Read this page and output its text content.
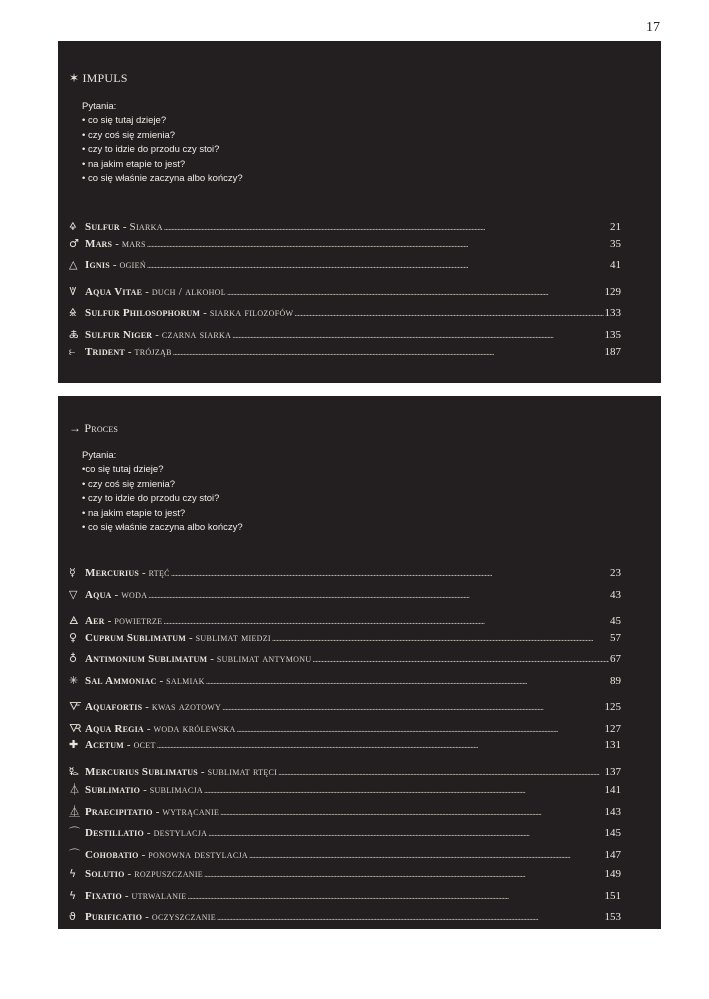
17
✶ IMPULS
Pytania:
• co się tutaj dzieje?
• czy coś się zmienia?
• czy to idzie do przodu czy stoi?
• na jakim etapie to jest?
• co się właśnie zaczyna albo kończy?
🜍 Sulfur - Siarka . . .	21
♂ Mars - mars . . .	35
△ Ignis - ogień . . .	41
🜈 Aqua Vitae - duch / alkohol . . .	129
🜎 Sulfur Philosophorum - siarka filozofów . . .	133
🜏 Sulfur Niger - czarna siarka . . .	135
⥼ Trident - trójząb . . .	187
→ Proces
Pytania:
•co się tutaj dzieje?
• czy coś się zmienia?
• czy to idzie do przodu czy stoi?
• na jakim etapie to jest?
• co się właśnie zaczyna albo kończy?
☿ Mercurius - rtęć . . .	23
▽ Aqua - woda . . .	43
🜁 Aer - powietrze . . .	45
♀ Cuprum Sublimatum - sublimat miedzi . . .	57
♁ Antimonium Sublimatum - sublimat antymonu . . .	67
✳ Sal Ammoniac - salmiak . . .	89
🜅 Aquafortis - kwas azotowy . . .	125
🜆 Aqua Regia - woda królewska . . .	127
✚ Acetum - ocet . . .	131
🜐 Mercurius Sublimatus - sublimat rtęci . . .	137
⏃ Sublimatio - sublimacja . . .	141
⏅ Praecipitatio - wytrącanie . . .	143
⌒ Destillatio - destylacja . . .	145
⌒ Cohobatio - ponowna destylacja . . .	147
ϟ Solutio - rozpuszczanie . . .	149
ϟ Fixatio - utrwalanie . . .	151
ϑ Purificatio - oczyszczanie . . .	153
